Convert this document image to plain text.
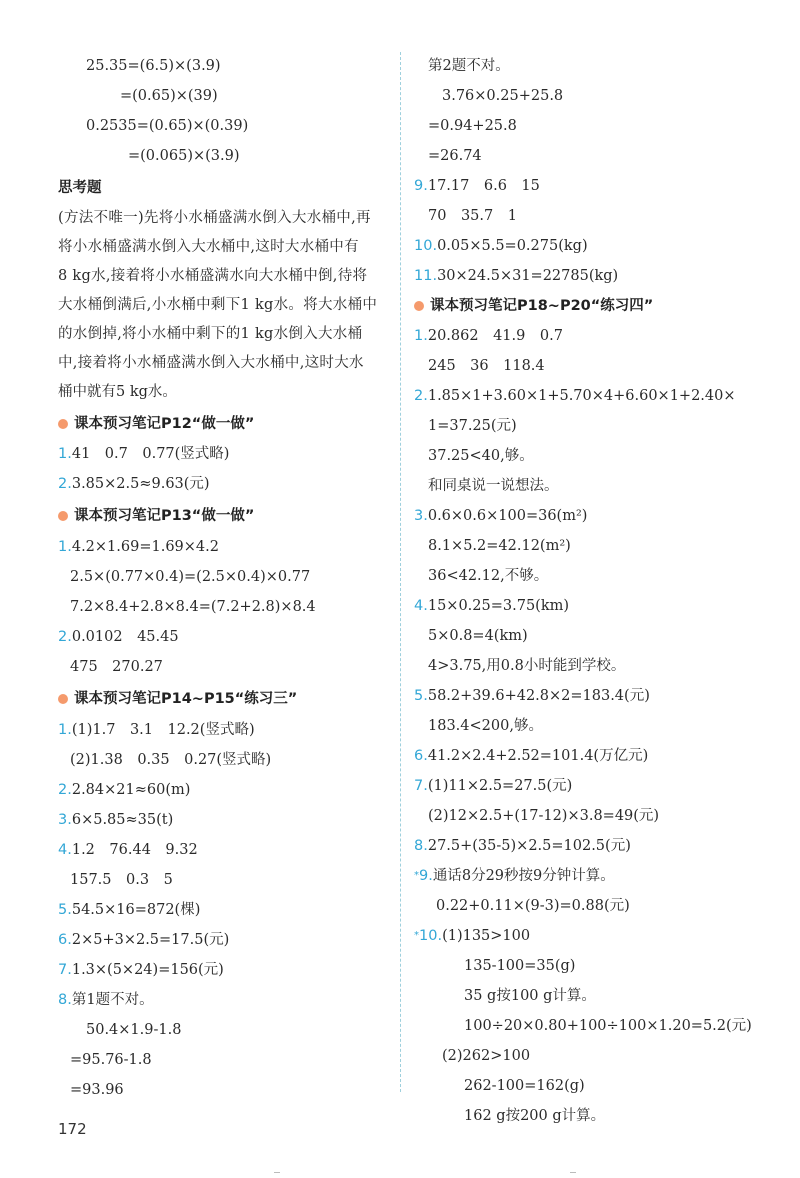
25.35=(6.5)×(3.9)
=(0.65)×(39)
0.2535=(0.65)×(0.39)
=(0.065)×(3.9)
思考题
(方法不唯一)先将小水桶盛满水倒入大水桶中,再
将小水桶盛满水倒入大水桶中,这时大水桶中有
8 kg水,接着将小水桶盛满水向大水桶中倒,待将
大水桶倒满后,小水桶中剩下1 kg水。将大水桶中
的水倒掉,将小水桶中剩下的1 kg水倒入大水桶
中,接着将小水桶盛满水倒入大水桶中,这时大水
桶中就有5 kg水。
课本预习笔记P12“做一做”
1.41　0.7　0.77(竖式略)
2.3.85×2.5≈9.63(元)
课本预习笔记P13“做一做”
1.4.2×1.69=1.69×4.2
2.5×(0.77×0.4)=(2.5×0.4)×0.77
7.2×8.4+2.8×8.4=(7.2+2.8)×8.4
2.0.0102　45.45
475　270.27
课本预习笔记P14~P15“练习三”
1.(1)1.7　3.1　12.2(竖式略)
(2)1.38　0.35　0.27(竖式略)
2.2.84×21≈60(m)
3.6×5.85≈35(t)
4.1.2　76.44　9.32
157.5　0.3　5
5.54.5×16=872(棵)
6.2×5+3×2.5=17.5(元)
7.1.3×(5×24)=156(元)
8.第1题不对。
50.4×1.9-1.8
=95.76-1.8
=93.96
第2题不对。
3.76×0.25+25.8
=0.94+25.8
=26.74
9.17.17　6.6　15
70　35.7　1
10.0.05×5.5=0.275(kg)
11.30×24.5×31=22785(kg)
课本预习笔记P18~P20“练习四”
1.20.862　41.9　0.7
245　36　118.4
2.1.85×1+3.60×1+5.70×4+6.60×1+2.40×
1=37.25(元)
37.25<40,够。
和同桌说一说想法。
3.0.6×0.6×100=36(m²)
8.1×5.2=42.12(m²)
36<42.12,不够。
4.15×0.25=3.75(km)
5×0.8=4(km)
4>3.75,用0.8小时能到学校。
5.58.2+39.6+42.8×2=183.4(元)
183.4<200,够。
6.41.2×2.4+2.52=101.4(万亿元)
7.(1)11×2.5=27.5(元)
(2)12×2.5+(17-12)×3.8=49(元)
8.27.5+(35-5)×2.5=102.5(元)
* 9.通话8分29秒按9分钟计算。
0.22+0.11×(9-3)=0.88(元)
* 10.(1)135>100
135-100=35(g)
35 g按100 g计算。
100÷20×0.80+100÷100×1.20=5.2(元)
(2)262>100
262-100=162(g)
162 g按200 g计算。
172
